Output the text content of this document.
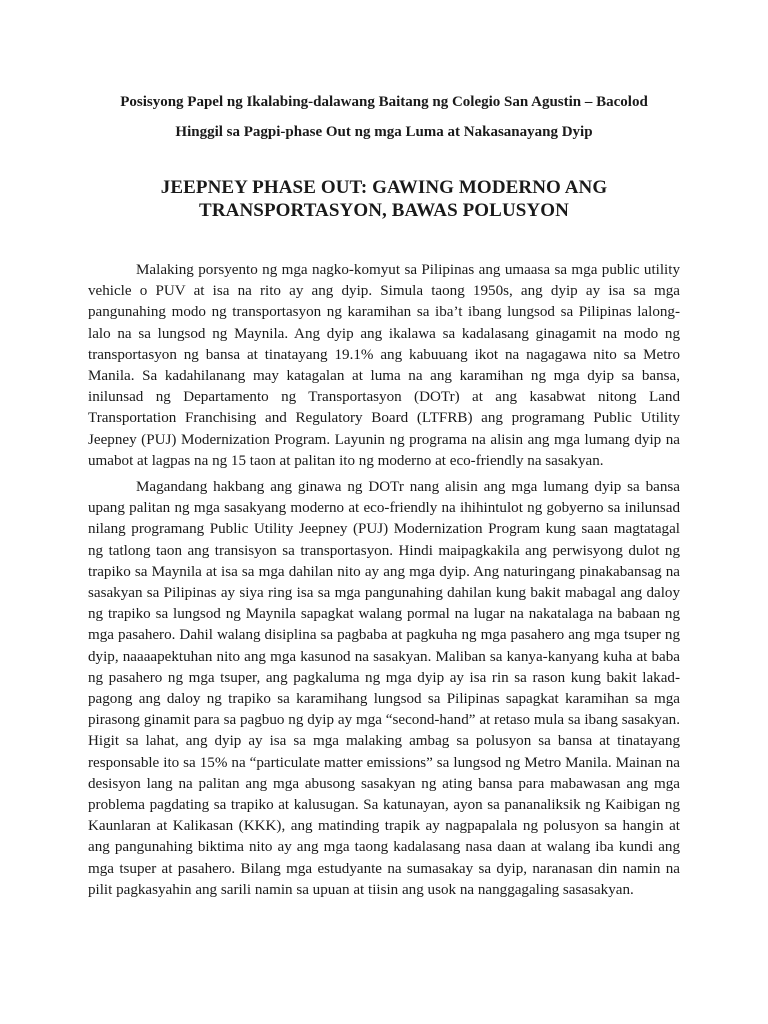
Posisyong Papel ng Ikalabing-dalawang Baitang ng Colegio San Agustin – Bacolod
Hinggil sa Pagpi-phase Out ng mga Luma at Nakasanayang Dyip
JEEPNEY PHASE OUT: GAWING MODERNO ANG
TRANSPORTASYON, BAWAS POLUSYON

Malaking porsyento ng mga nagko-komyut sa Pilipinas ang umaasa sa mga public utility vehicle o PUV at isa na rito ay ang dyip. Simula taong 1950s, ang dyip ay isa sa mga pangunahing modo ng transportasyon ng karamihan sa iba’t ibang lungsod sa Pilipinas lalong-lalo na sa lungsod ng Maynila. Ang dyip ang ikalawa sa kadalasang ginagamit na modo ng transportasyon ng bansa at tinatayang 19.1% ang kabuuang ikot na nagagawa nito sa Metro Manila. Sa kadahilanang may katagalan at luma na ang karamihan ng mga dyip sa bansa, inilunsad ng Departamento ng Transportasyon (DOTr) at ang kasabwat nitong Land Transportation Franchising and Regulatory Board (LTFRB) ang programang Public Utility Jeepney (PUJ) Modernization Program. Layunin ng programa na alisin ang mga lumang dyip na umabot at lagpas na ng 15 taon at palitan ito ng moderno at eco-friendly na sasakyan.

Magandang hakbang ang ginawa ng DOTr nang alisin ang mga lumang dyip sa bansa upang palitan ng mga sasakyang moderno at eco-friendly na ihihintulot ng gobyerno sa inilunsad nilang programang Public Utility Jeepney (PUJ) Modernization Program kung saan magtatagal ng tatlong taon ang transisyon sa transportasyon. Hindi maipagkakila ang perwisyong dulot ng trapiko sa Maynila at isa sa mga dahilan nito ay ang mga dyip. Ang naturingang pinakabansag na sasakyan sa Pilipinas ay siya ring isa sa mga pangunahing dahilan kung bakit mabagal ang daloy ng trapiko sa lungsod ng Maynila sapagkat walang pormal na lugar na nakatalaga na babaan ng mga pasahero. Dahil walang disiplina sa pagbaba at pagkuha ng mga pasahero ang mga tsuper ng dyip, naaaapektuhan nito ang mga kasunod na sasakyan. Maliban sa kanya-kanyang kuha at baba ng pasahero ng mga tsuper, ang pagkaluma ng mga dyip ay isa rin sa rason kung bakit lakad-pagong ang daloy ng trapiko sa karamihang lungsod sa Pilipinas sapagkat karamihan sa mga pirasong ginamit para sa pagbuo ng dyip ay mga “second-hand” at retaso mula sa ibang sasakyan. Higit sa lahat, ang dyip ay isa sa mga malaking ambag sa polusyon sa bansa at tinatayang responsable ito sa 15% na “particulate matter emissions” sa lungsod ng Metro Manila. Mainan na desisyon lang na palitan ang mga abusong sasakyan ng ating bansa para mabawasan ang mga problema pagdating sa trapiko at kalusugan. Sa katunayan, ayon sa pananaliksik ng Kaibigan ng Kaunlaran at Kalikasan (KKK), ang matinding trapik ay nagpapalala ng polusyon sa hangin at ang pangunahing biktima nito ay ang mga taong kadalasang nasa daan at walang iba kundi ang mga tsuper at pasahero. Bilang mga estudyante na sumasakay sa dyip, naranasan din namin na pilit pagkasyahin ang sarili namin sa upuan at tiisin ang usok na nanggagaling sasasakyan.
